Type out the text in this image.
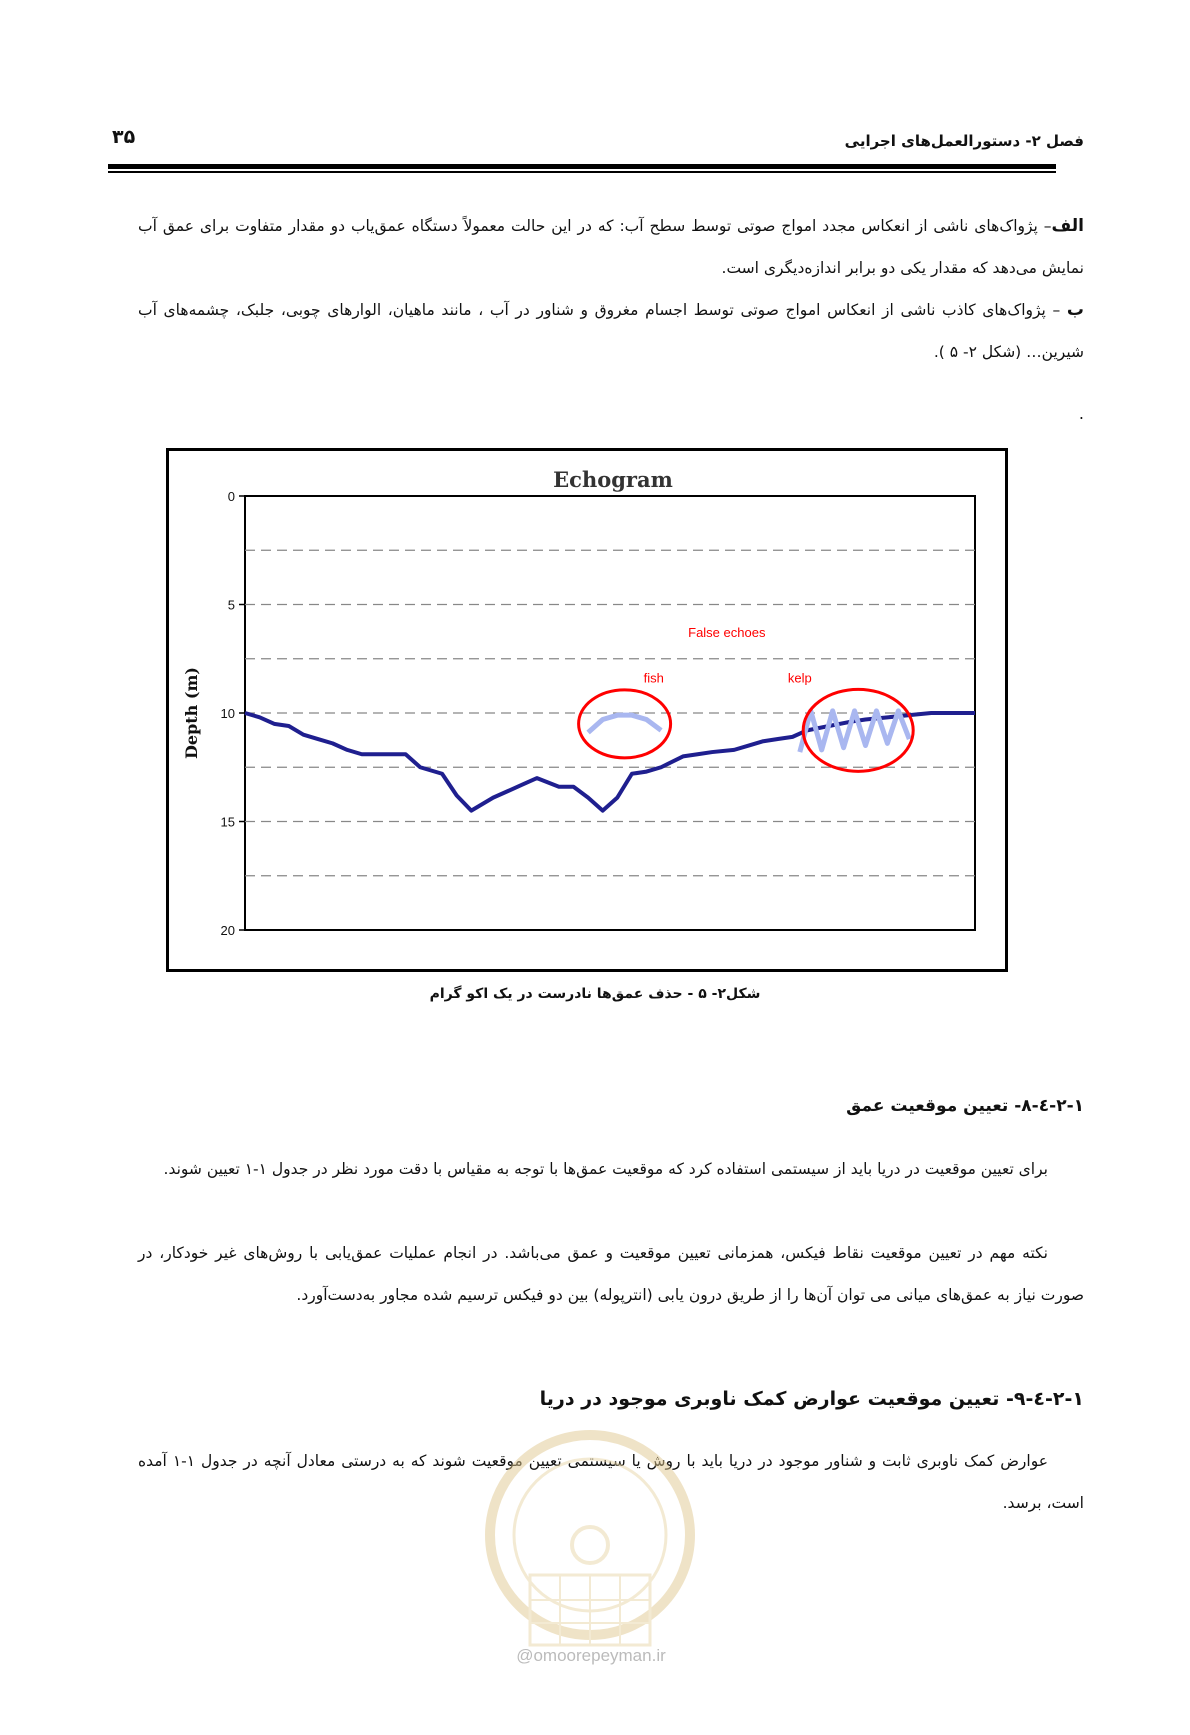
فصل ۲- دستورالعمل‌های اجرایی
۳۵
الف– پژواک‌های ناشی از انعکاس مجدد امواج صوتی توسط سطح آب: که در این حالت معمولاً دستگاه عمق‌یاب دو مقدار متفاوت برای عمق آب نمایش می‌دهد که مقدار یکی دو برابر اندازه‌دیگری است.
ب – پژواک‌های کاذب ناشی از انعکاس امواج صوتی توسط اجسام مغروق و شناور در آب ، مانند ماهیان، الوارهای چوبی، جلبک، چشمه‌های آب شیرین… (شکل ۲- ۵ ).
.
Echogram
Depth (m)
0
5
10
15
20
False echoes
fish	kelp
شکل۲- ۵ - حذف عمق‌ها نادرست در یک اکو گرام
۲-۱-٤-۸- تعیین موقعیت عمق
برای تعیین موقعیت در دریا باید از سیستمی استفاده کرد که موقعیت عمق‌ها با توجه به مقیاس با دقت مورد نظر در جدول ۱-۱ تعیین شوند.
نکته مهم در تعیین موقعیت نقاط فیکس، همزمانی تعیین موقعیت و عمق می‌باشد. در انجام عملیات عمق‌یابی با روش‌های غیر خودکار، در صورت نیاز به عمق‌های میانی می توان آن‌ها را از طریق درون یابی (انترپوله) بین دو فیکس ترسیم شده مجاور به‌دست‌آورد.
۲-۱-٤-۹- تعیین موقعیت عوارض کمک ناوبری موجود در دریا
عوارض کمک ناوبری ثابت و شناور موجود در دریا باید با روش یا سیستمی تعیین موقعیت شوند که به درستی معادل آنچه در جدول ۱-۱ آمده است، برسد.
@omoorepeyman.ir
